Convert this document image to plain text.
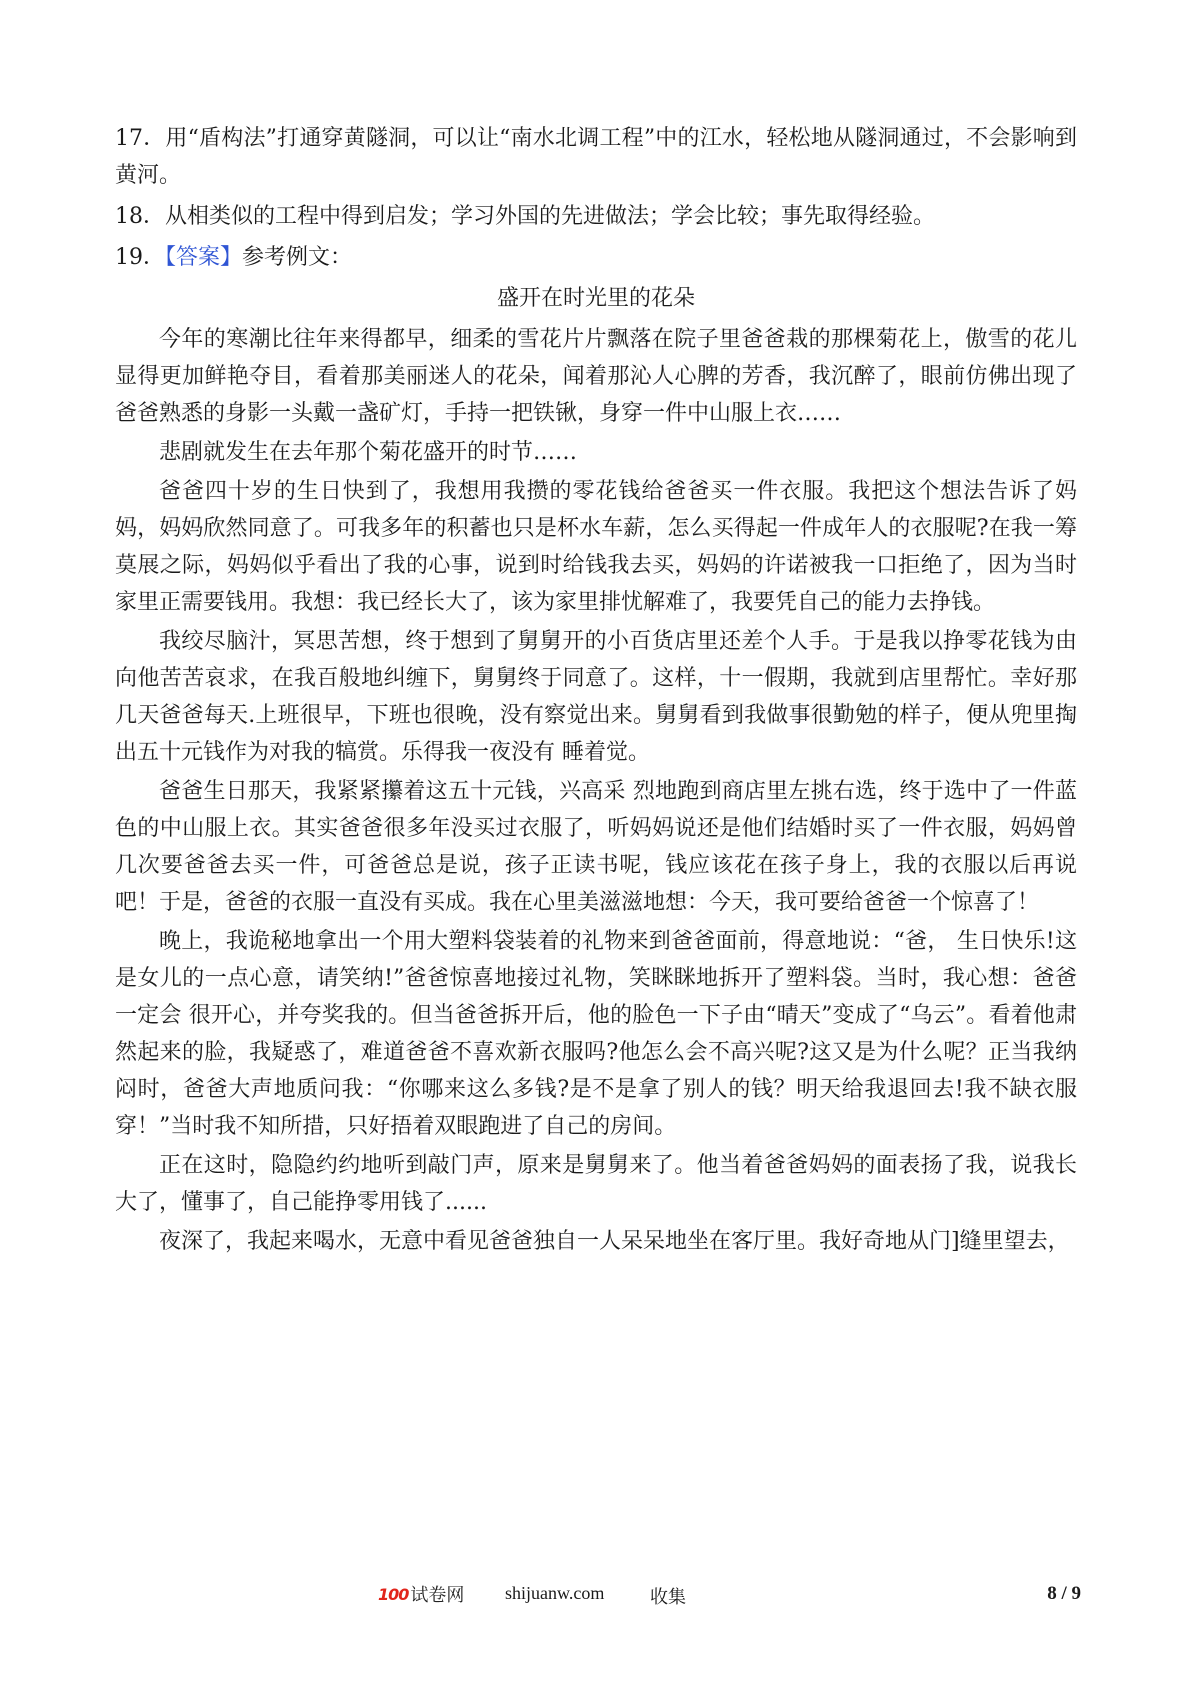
17．用“盾构法”打通穿黄隧洞，可以让“南水北调工程”中的江水，轻松地从隧洞通过，不会影响到黄河。

18．从相类似的工程中得到启发；学习外国的先进做法；学会比较；事先取得经验。

19．【答案】参考例文：

盛开在时光里的花朵

今年的寒潮比往年来得都早，细柔的雪花片片飘落在院子里爸爸栽的那棵菊花上，傲雪的花儿显得更加鲜艳夺目，看着那美丽迷人的花朵，闻着那沁人心脾的芳香，我沉醉了，眼前仿佛出现了爸爸熟悉的身影一头戴一盏矿灯，手持一把铁锹，身穿一件中山服上衣……

悲剧就发生在去年那个菊花盛开的时节……

爸爸四十岁的生日快到了，我想用我攒的零花钱给爸爸买一件衣服。我把这个想法告诉了妈妈，妈妈欣然同意了。可我多年的积蓄也只是杯水车薪，怎么买得起一件成年人的衣服呢?在我一筹莫展之际，妈妈似乎看出了我的心事，说到时给钱我去买，妈妈的许诺被我一口拒绝了，因为当时家里正需要钱用。我想：我已经长大了，该为家里排忧解难了，我要凭自己的能力去挣钱。

我绞尽脑汁，冥思苦想，终于想到了舅舅开的小百货店里还差个人手。于是我以挣零花钱为由向他苦苦哀求，在我百般地纠缠下，舅舅终于同意了。这样，十一假期，我就到店里帮忙。幸好那几天爸爸每天.上班很早，下班也很晚，没有察觉出来。舅舅看到我做事很勤勉的样子，便从兜里掏出五十元钱作为对我的犒赏。乐得我一夜没有 睡着觉。

爸爸生日那天，我紧紧攥着这五十元钱，兴高采 烈地跑到商店里左挑右选，终于选中了一件蓝色的中山服上衣。其实爸爸很多年没买过衣服了，听妈妈说还是他们结婚时买了一件衣服，妈妈曾几次要爸爸去买一件，可爸爸总是说，孩子正读书呢，钱应该花在孩子身上，我的衣服以后再说吧！于是，爸爸的衣服一直没有买成。我在心里美滋滋地想：今天，我可要给爸爸一个惊喜了！

晚上，我诡秘地拿出一个用大塑料袋装着的礼物来到爸爸面前，得意地说：“爸， 生日快乐!这是女儿的一点心意，请笑纳!”爸爸惊喜地接过礼物，笑眯眯地拆开了塑料袋。当时，我心想：爸爸一定会 很开心，并夸奖我的。但当爸爸拆开后，他的脸色一下子由“晴天”变成了“乌云”。看着他肃然起来的脸，我疑惑了，难道爸爸不喜欢新衣服吗?他怎么会不高兴呢?这又是为什么呢？正当我纳闷时，爸爸大声地质问我：“你哪来这么多钱?是不是拿了别人的钱？明天给我退回去!我不缺衣服穿！”当时我不知所措，只好捂着双眼跑进了自己的房间。

正在这时，隐隐约约地听到敲门声，原来是舅舅来了。他当着爸爸妈妈的面表扬了我，说我长大了，懂事了，自己能挣零用钱了......

夜深了，我起来喝水，无意中看见爸爸独自一人呆呆地坐在客厅里。我好奇地从门]缝里望去，

100 试卷网 shijuanw.com	收集	8 / 9
